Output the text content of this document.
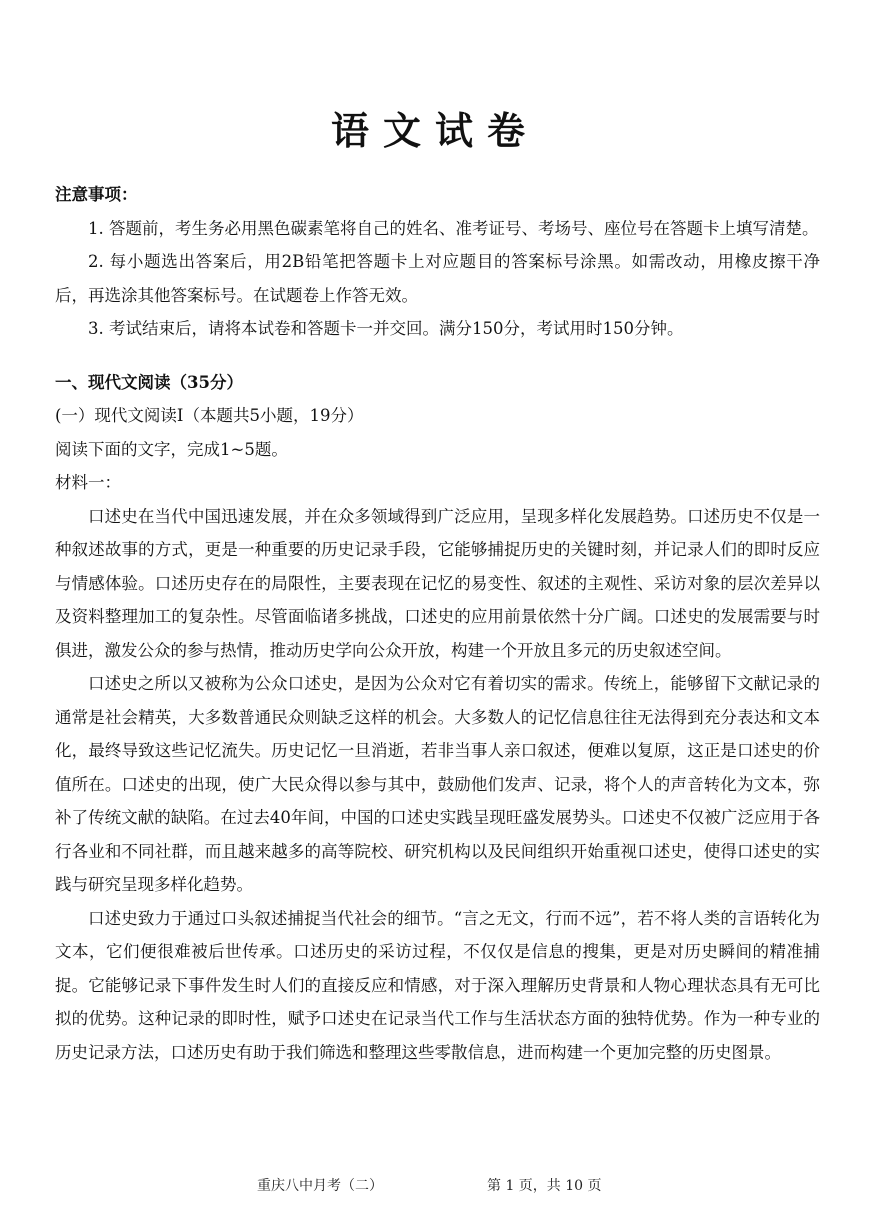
语文试卷

注意事项：

1. 答题前，考生务必用黑色碳素笔将自己的姓名、准考证号、考场号、座位号在答题卡上填写清楚。

2. 每小题选出答案后，用2B铅笔把答题卡上对应题目的答案标号涂黑。如需改动，用橡皮擦干净后，再选涂其他答案标号。在试题卷上作答无效。

3. 考试结束后，请将本试卷和答题卡一并交回。满分150分，考试用时150分钟。

一、现代文阅读（35分）

(一）现代文阅读Ⅰ（本题共5小题，19分）

阅读下面的文字，完成1~5题。

材料一：

口述史在当代中国迅速发展，并在众多领域得到广泛应用，呈现多样化发展趋势。口述历史不仅是一种叙述故事的方式，更是一种重要的历史记录手段，它能够捕捉历史的关键时刻，并记录人们的即时反应与情感体验。口述历史存在的局限性，主要表现在记忆的易变性、叙述的主观性、采访对象的层次差异以及资料整理加工的复杂性。尽管面临诸多挑战，口述史的应用前景依然十分广阔。口述史的发展需要与时俱进，激发公众的参与热情，推动历史学向公众开放，构建一个开放且多元的历史叙述空间。

口述史之所以又被称为公众口述史，是因为公众对它有着切实的需求。传统上，能够留下文献记录的通常是社会精英，大多数普通民众则缺乏这样的机会。大多数人的记忆信息往往无法得到充分表达和文本化，最终导致这些记忆流失。历史记忆一旦消逝，若非当事人亲口叙述，便难以复原，这正是口述史的价值所在。口述史的出现，使广大民众得以参与其中，鼓励他们发声、记录，将个人的声音转化为文本，弥补了传统文献的缺陷。在过去40年间，中国的口述史实践呈现旺盛发展势头。口述史不仅被广泛应用于各行各业和不同社群，而且越来越多的高等院校、研究机构以及民间组织开始重视口述史，使得口述史的实践与研究呈现多样化趋势。

口述史致力于通过口头叙述捕捉当代社会的细节。“言之无文，行而不远”，若不将人类的言语转化为文本，它们便很难被后世传承。口述历史的采访过程，不仅仅是信息的搜集，更是对历史瞬间的精准捕捉。它能够记录下事件发生时人们的直接反应和情感，对于深入理解历史背景和人物心理状态具有无可比拟的优势。这种记录的即时性，赋予口述史在记录当代工作与生活状态方面的独特优势。作为一种专业的历史记录方法，口述历史有助于我们筛选和整理这些零散信息，进而构建一个更加完整的历史图景。

重庆八中月考（二）	第 1 页，共 10 页
